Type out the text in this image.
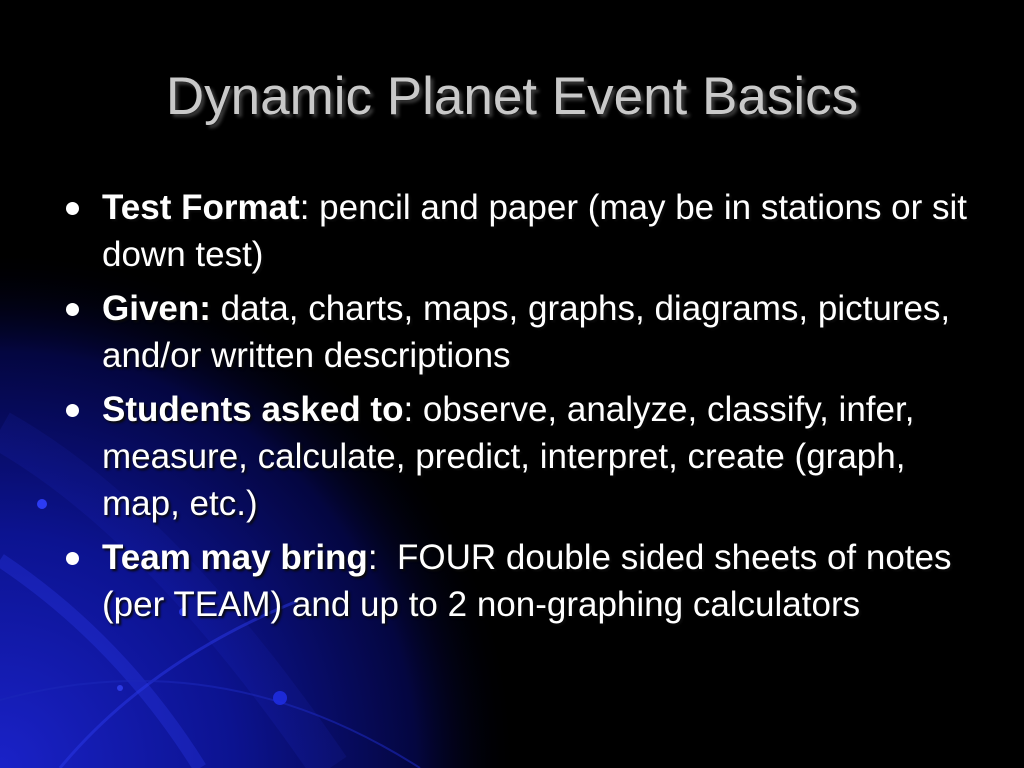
Dynamic Planet Event Basics
Test Format: pencil and paper (may be in stations or sit down test)
Given: data, charts, maps, graphs, diagrams, pictures, and/or written descriptions
Students asked to: observe, analyze, classify, infer, measure, calculate, predict, interpret, create (graph, map, etc.)
Team may bring:  FOUR double sided sheets of notes (per TEAM) and up to 2 non-graphing calculators
